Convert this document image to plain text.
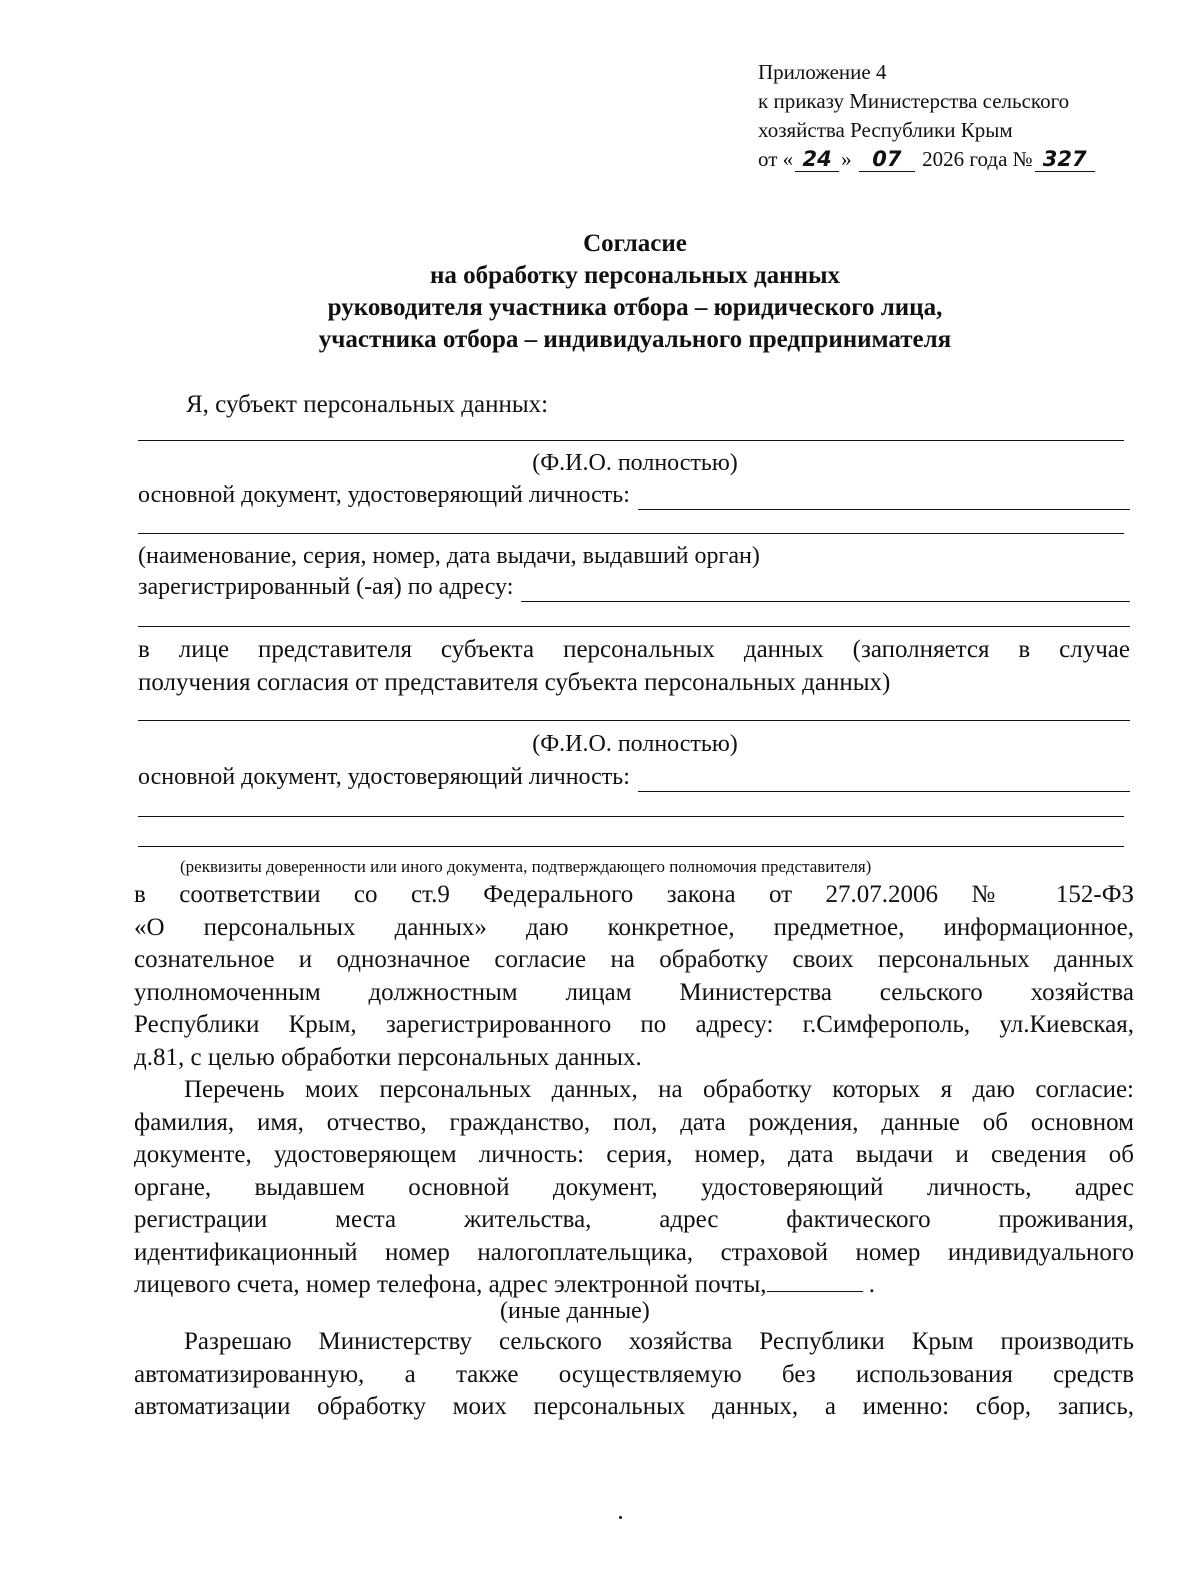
Приложение 4
к приказу Министерства сельского
хозяйства Республики Крым
от « 24 » 07 2026 года № 327
Согласие
на обработку персональных данных
руководителя участника отбора – юридического лица,
участника отбора – индивидуального предпринимателя
Я, субъект персональных данных:
(Ф.И.О. полностью)
основной документ, удостоверяющий личность:
(наименование, серия, номер, дата выдачи, выдавший орган)
зарегистрированный (-ая) по адресу:
в лице представителя субъекта персональных данных (заполняется в случае
получения согласия от представителя субъекта персональных данных)
(Ф.И.О. полностью)
основной документ, удостоверяющий личность:
(реквизиты доверенности или иного документа, подтверждающего полномочия представителя)
в соответствии со ст.9 Федерального закона от 27.07.2006 № 152-ФЗ
«О персональных данных» даю конкретное, предметное, информационное,
сознательное и однозначное согласие на обработку своих персональных данных
уполномоченным должностным лицам Министерства сельского хозяйства
Республики Крым, зарегистрированного по адресу: г.Симферополь, ул.Киевская,
д.81, с целью обработки персональных данных.
Перечень моих персональных данных, на обработку которых я даю согласие:
фамилия, имя, отчество, гражданство, пол, дата рождения, данные об основном
документе, удостоверяющем личность: серия, номер, дата выдачи и сведения об
органе, выдавшем основной документ, удостоверяющий личность, адрес
регистрации места жительства, адрес фактического проживания,
идентификационный номер налогоплательщика, страховой номер индивидуального
лицевого счета, номер телефона, адрес электронной почты,	.
(иные данные)
Разрешаю Министерству сельского хозяйства Республики Крым производить
автоматизированную, а также осуществляемую без использования средств
автоматизации обработку моих персональных данных, а именно: сбор, запись,
